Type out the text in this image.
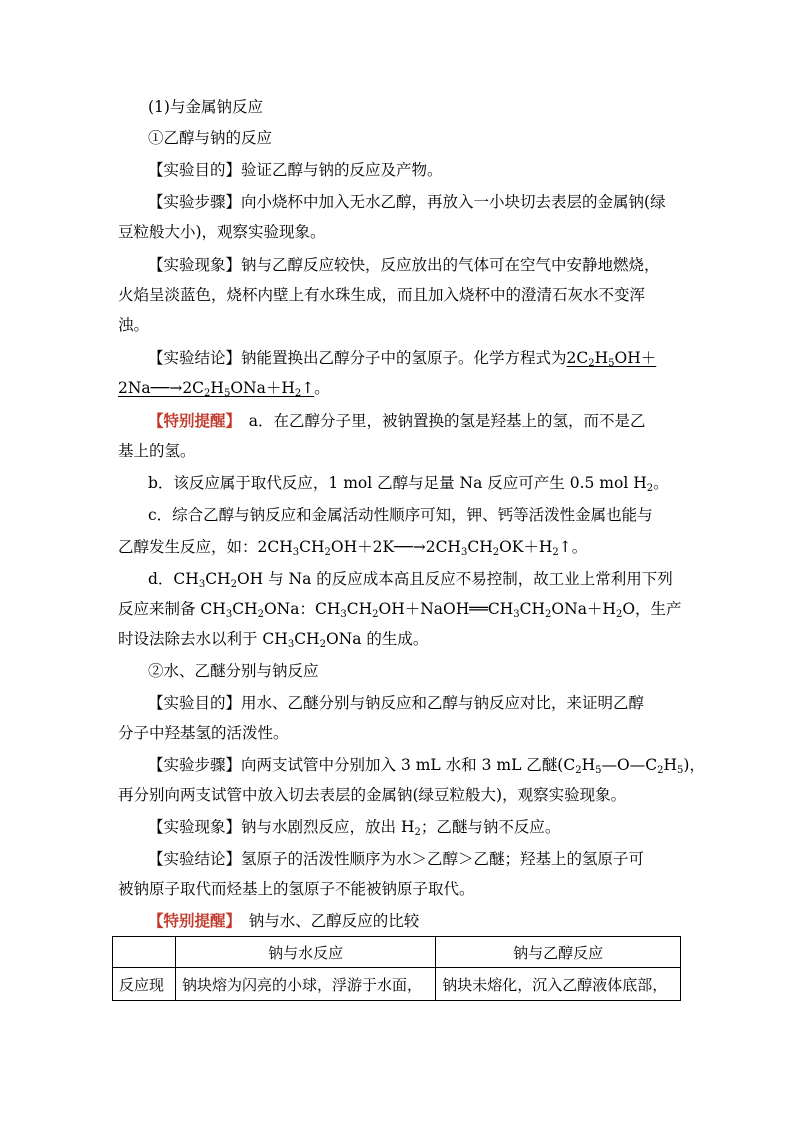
(1)与金属钠反应
①乙醇与钠的反应
【实验目的】验证乙醇与钠的反应及产物。
【实验步骤】向小烧杯中加入无水乙醇，再放入一小块切去表层的金属钠(绿
豆粒般大小)，观察实验现象。
【实验现象】钠与乙醇反应较快，反应放出的气体可在空气中安静地燃烧，
火焰呈淡蓝色，烧杯内壁上有水珠生成，而且加入烧杯中的澄清石灰水不变浑
浊。
【实验结论】钠能置换出乙醇分子中的氢原子。化学方程式为$2C_2H_5OH+$
$2Na──\to 2C_2H_5ONa+H_2↑$。
【特别提醒】　 a．在乙醇分子里，被钠置换的氢是羟基上的氢，而不是乙
基上的氢。
b．该反应属于取代反应，1 mol 乙醇与足量 Na 反应可产生 0.5 mol $H_2$。
c．综合乙醇与钠反应和金属活动性顺序可知，钾、钙等活泼性金属也能与
乙醇发生反应，如：$2CH_3CH_2OH+2K──\to 2CH_3CH_2OK+H_2↑$。
d．$CH_3CH_2OH$ 与 Na 的反应成本高且反应不易控制，故工业上常利用下列
反应来制备 $CH_3CH_2ONa$：$CH_3CH_2OH+NaOH══CH_3CH_2ONa+H_2O$，生产
时设法除去水以利于 $CH_3CH_2ONa$ 的生成。
②水、乙醚分别与钠反应
【实验目的】用水、乙醚分别与钠反应和乙醇与钠反应对比，来证明乙醇
分子中羟基氢的活泼性。
【实验步骤】向两支试管中分别加入 3 mL 水和 3 mL 乙醚$(C_2H_5—O—C_2H_5)$，
再分别向两支试管中放入切去表层的金属钠(绿豆粒般大)，观察实验现象。
【实验现象】钠与水剧烈反应，放出 $H_2$；乙醚与钠不反应。
【实验结论】氢原子的活泼性顺序为水＞乙醇＞乙醚；羟基上的氢原子可
被钠原子取代而烃基上的氢原子不能被钠原子取代。
【特别提醒】　 钠与水、乙醇反应的比较
	钠与水反应	钠与乙醇反应
反应现	钠块熔为闪亮的小球，浮游于水面，	钠块未熔化，沉入乙醇液体底部，
